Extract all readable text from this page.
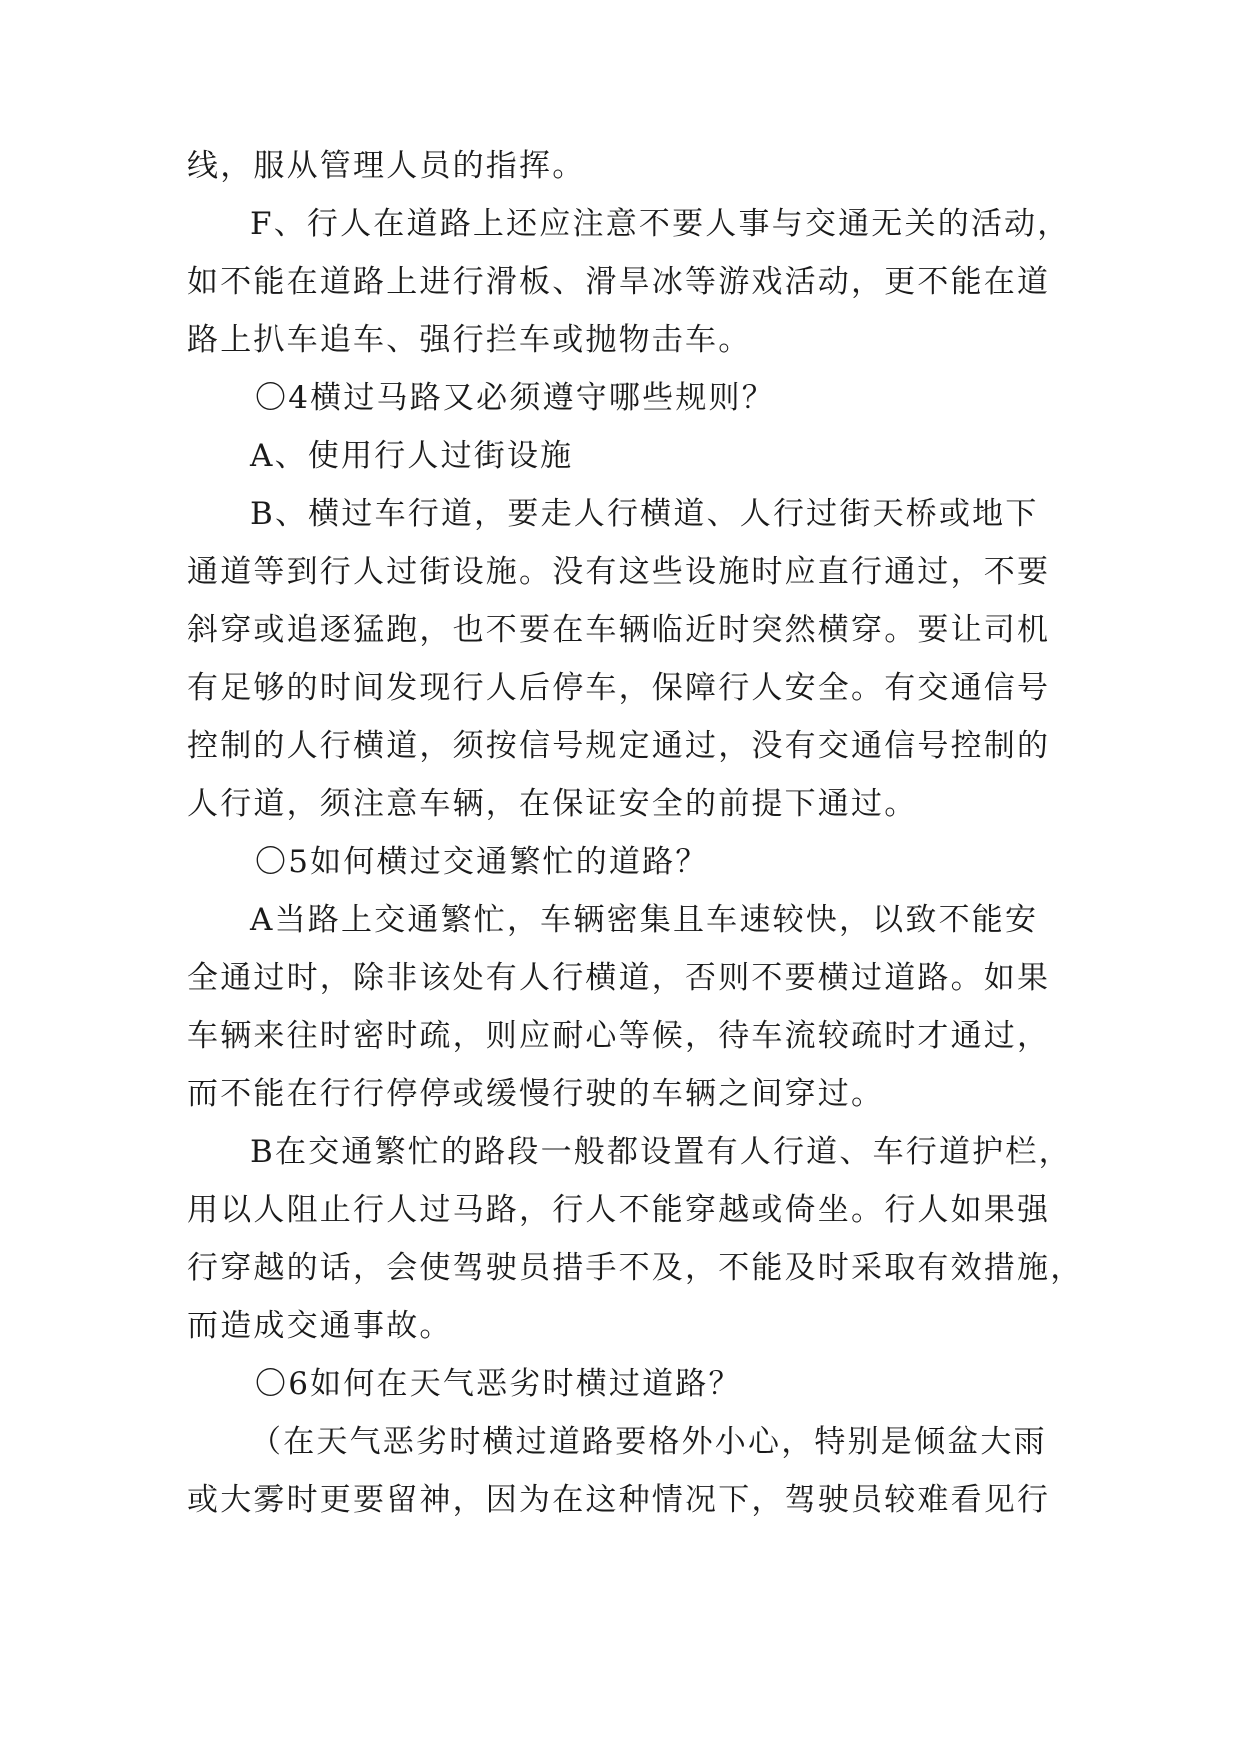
线，服从管理人员的指挥。
F、行人在道路上还应注意不要人事与交通无关的活动，
如不能在道路上进行滑板、滑旱冰等游戏活动，更不能在道
路上扒车追车、强行拦车或抛物击车。
〇4横过马路又必须遵守哪些规则？
A、使用行人过街设施
B、横过车行道，要走人行横道、人行过街天桥或地下
通道等到行人过街设施。没有这些设施时应直行通过，不要
斜穿或追逐猛跑，也不要在车辆临近时突然横穿。要让司机
有足够的时间发现行人后停车，保障行人安全。有交通信号
控制的人行横道，须按信号规定通过，没有交通信号控制的
人行道，须注意车辆，在保证安全的前提下通过。
〇5如何横过交通繁忙的道路？
A当路上交通繁忙，车辆密集且车速较快，以致不能安
全通过时，除非该处有人行横道，否则不要横过道路。如果
车辆来往时密时疏，则应耐心等候，待车流较疏时才通过，
而不能在行行停停或缓慢行驶的车辆之间穿过。
B在交通繁忙的路段一般都设置有人行道、车行道护栏，
用以人阻止行人过马路，行人不能穿越或倚坐。行人如果强
行穿越的话，会使驾驶员措手不及，不能及时采取有效措施，
而造成交通事故。
〇6如何在天气恶劣时横过道路？
（在天气恶劣时横过道路要格外小心，特别是倾盆大雨
或大雾时更要留神，因为在这种情况下，驾驶员较难看见行
